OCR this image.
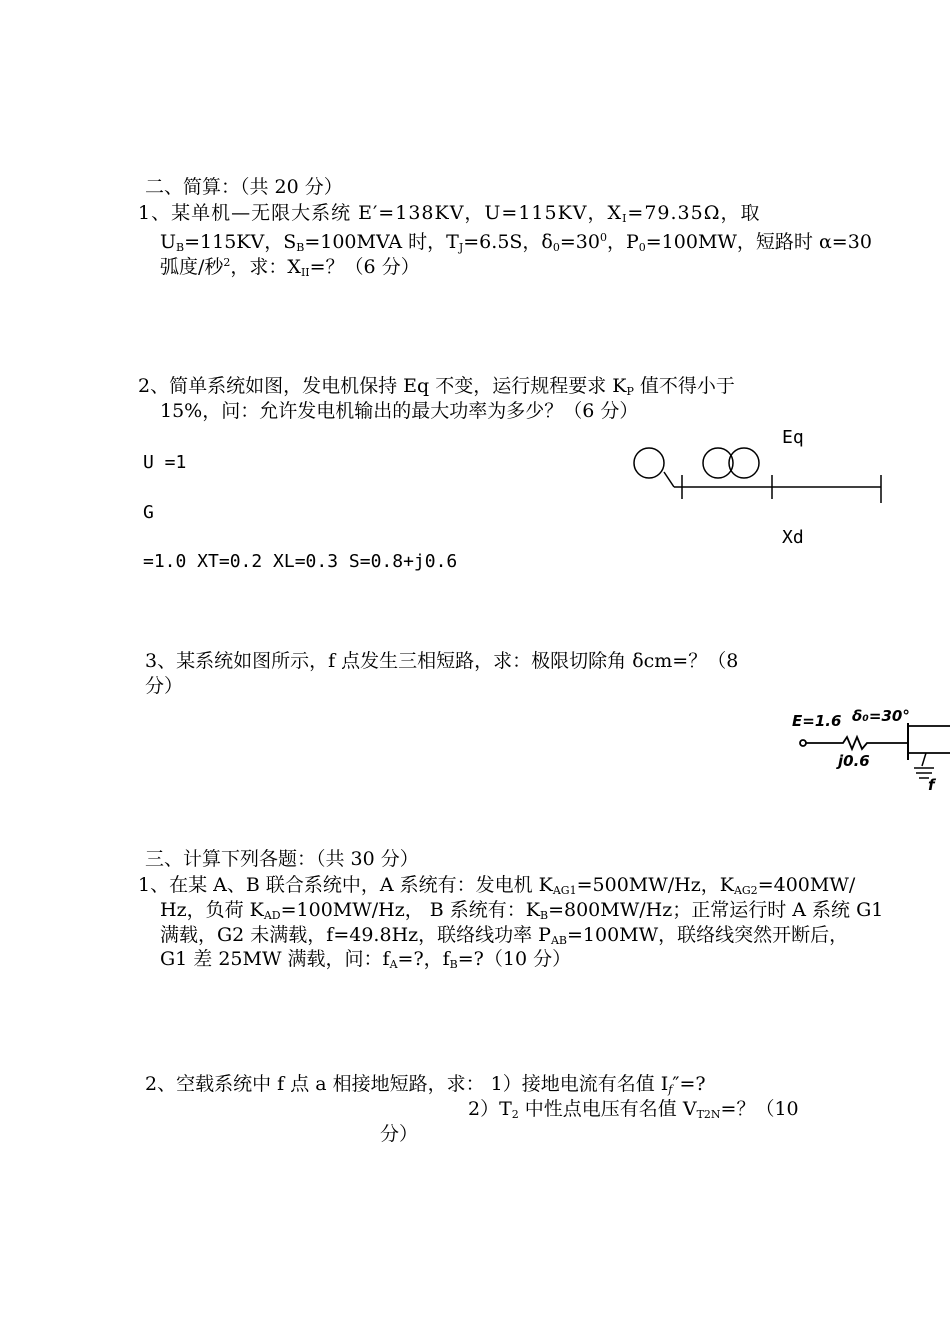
二、简算：（共 20 分）
1、某单机—无限大系统 E′=138KV，U=115KV，$X_I=79.35\Omega$，取
$U_B=115KV$，$S_B=100MVA$ 时，$T_J=6.5S$，$\delta_0=30^0$，$P_0=100MW$，短路时 α=30
弧度/秒$^2$，求：$X_{II}=$？（6 分）
2、简单系统如图，发电机保持 Eq 不变，运行规程要求 $K_P$ 值不得小于
15%，问：允许发电机输出的最大功率为多少？（6 分）
Eq
U =1
G
Xd
=1.0 XT=0.2 XL=0.3 S=0.8+j0.6
3、某系统如图所示，f 点发生三相短路，求：极限切除角 δcm=？（8
分）
E=1.6 δ₀=30°
j0.6
f
三、计算下列各题：（共 30 分）
1、在某 A、B 联合系统中，A 系统有：发电机 $K_{AG1}=500MW/Hz$，$K_{AG2}=400MW/$
Hz，负荷 $K_{AD}=100MW/Hz$， B 系统有：$K_B=800MW/Hz$；正常运行时 A 系统 G1
满载，G2 未满载，f=49.8Hz，联络线功率 $P_{AB}=100MW$，联络线突然开断后，
G1 差 25MW 满载，问：$f_A=$?，$f_B=?(10$ 分）
2、空载系统中 f 点 a 相接地短路，求： 1）接地电流有名值 $I_f''=$?
$2)T_2$ 中性点电压有名值 $V_{T2N}=$？（10
分）
